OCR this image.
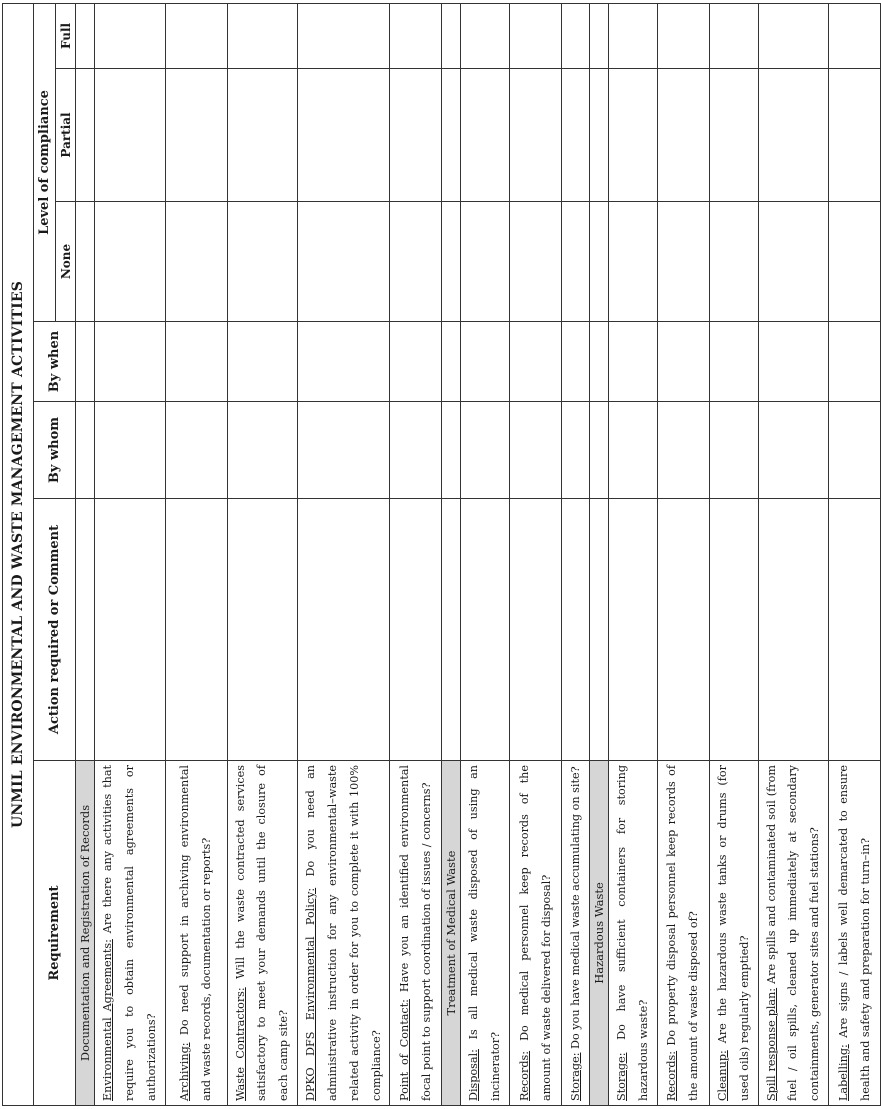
UNMIL ENVIRONMENTAL AND WASTE MANAGEMENT ACTIVITIES						
Requirement	Action required or Comment	By whom	By when	Level of compliance		
				None	Partial	Full
Documentation and Registration of Records						
Environmental Agreements: Are there any activities that require you to obtain environmental agreements or authorizations?						
Archiving: Do need support in archiving environmental and waste records, documentation or reports?						
Waste Contractors: Will the waste contracted services satisfactory to meet your demands until the closure of each camp site?						
DPKO DFS Environmental Policy: Do you need an administrative instruction for any environmental–waste related activity in order for you to complete it with 100% compliance?						
Point of Contact: Have you an identified environmental focal point to support coordination of issues / concerns?						
Treatment of Medical Waste						
Disposal: Is all medical waste disposed of using an incinerator?						
Records: Do medical personnel keep records of the amount of waste delivered for disposal?						
Storage: Do you have medical waste accumulating on site?						
Hazardous Waste						
Storage: Do have sufficient containers for storing hazardous waste?						
Records: Do property disposal personnel keep records of the amount of waste disposed of?						
Cleanup: Are the hazardous waste tanks or drums (for used oils) regularly emptied?						
Spill response plan: Are spills and contaminated soil (from fuel / oil spills, cleaned up immediately at secondary containments, generator sites and fuel stations?						
Labelling: Are signs / labels well demarcated to ensure health and safety and preparation for turn–in?						
